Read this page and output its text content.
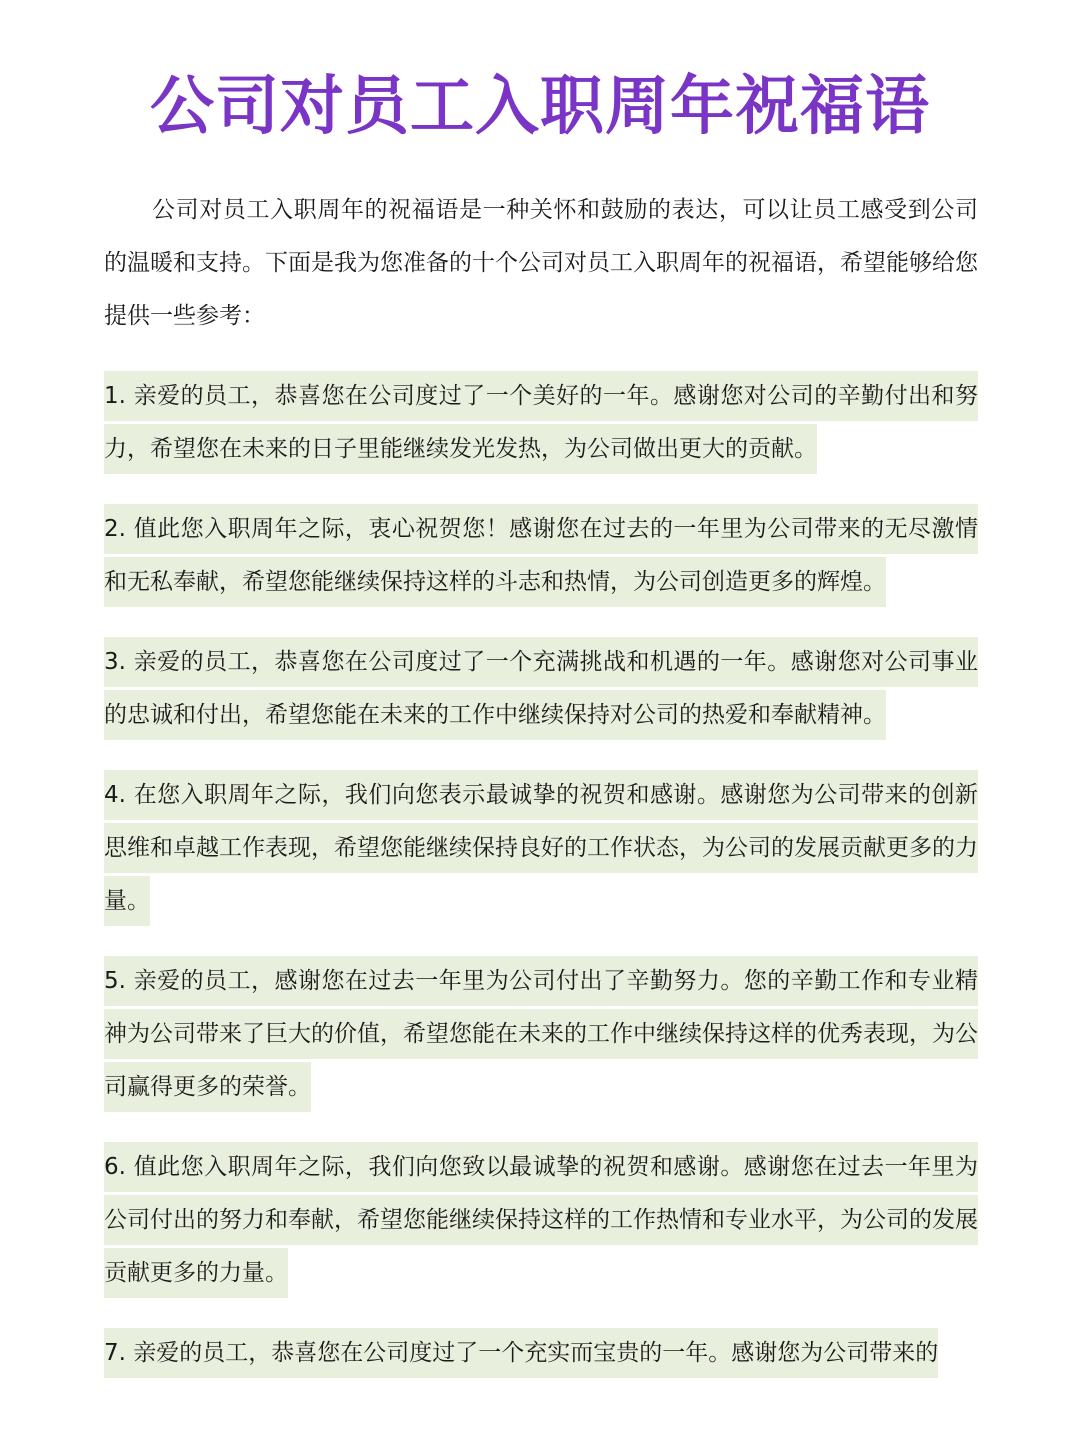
公司对员工入职周年祝福语

公司对员工入职周年的祝福语是一种关怀和鼓励的表达，可以让员工感受到公司的温暖和支持。下面是我为您准备的十个公司对员工入职周年的祝福语，希望能够给您提供一些参考：

1. 亲爱的员工，恭喜您在公司度过了一个美好的一年。感谢您对公司的辛勤付出和努力，希望您在未来的日子里能继续发光发热，为公司做出更大的贡献。

2. 值此您入职周年之际，衷心祝贺您！感谢您在过去的一年里为公司带来的无尽激情和无私奉献，希望您能继续保持这样的斗志和热情，为公司创造更多的辉煌。

3. 亲爱的员工，恭喜您在公司度过了一个充满挑战和机遇的一年。感谢您对公司事业的忠诚和付出，希望您能在未来的工作中继续保持对公司的热爱和奉献精神。

4. 在您入职周年之际，我们向您表示最诚挚的祝贺和感谢。感谢您为公司带来的创新思维和卓越工作表现，希望您能继续保持良好的工作状态，为公司的发展贡献更多的力量。

5. 亲爱的员工，感谢您在过去一年里为公司付出了辛勤努力。您的辛勤工作和专业精神为公司带来了巨大的价值，希望您能在未来的工作中继续保持这样的优秀表现，为公司赢得更多的荣誉。

6. 值此您入职周年之际，我们向您致以最诚挚的祝贺和感谢。感谢您在过去一年里为公司付出的努力和奉献，希望您能继续保持这样的工作热情和专业水平，为公司的发展贡献更多的力量。

7. 亲爱的员工，恭喜您在公司度过了一个充实而宝贵的一年。感谢您为公司带来的
